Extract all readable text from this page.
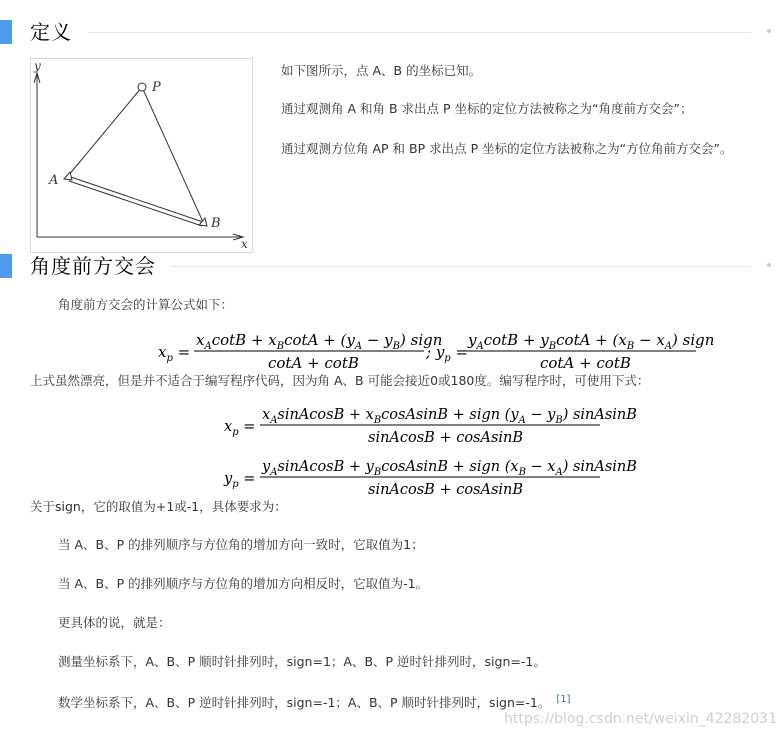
定义
y
x
P
A
B
如下图所示，点 A、B 的坐标已知。
通过观测角 A 和角 B 求出点 P 坐标的定位方法被称之为“角度前方交会”；
通过观测方位角 AP 和 BP 求出点 P 坐标的定位方法被称之为“方位角前方交会”。
角度前方交会
角度前方交会的计算公式如下：
$x_p$ =
$x_A\cot B + x_B\cot A + (y_A - y_B)$ sign
cotA + cotB
; $y_p$ =
$y_A\cot B + y_B\cot A + (x_B - x_A)$ sign
cotA + cotB
上式虽然漂亮，但是并不适合于编写程序代码，因为角 A、B 可能会接近0或180度。编写程序时，可使用下式：
$x_p$ =
$x_AsinAcosB$ + $x_BcosAsinB$ + sign $(y_A - y_B)$ sinAsinB
sinAcosB + cosAsinB
$y_p$ =
$y_AsinAcosB$ + $y_BcosAsinB$ + sign $(x_B - x_A)$ sinAsinB
sinAcosB + cosAsinB
关于sign，它的取值为+1或-1，具体要求为：
当 A、B、P 的排列顺序与方位角的增加方向一致时，它取值为1；
当 A、B、P 的排列顺序与方位角的增加方向相反时，它取值为-1。
更具体的说，就是：
测量坐标系下，A、B、P 顺时针排列时，sign=1；A、B、P 逆时针排列时，sign=-1。
数学坐标系下，A、B、P 逆时针排列时，sign=-1；A、B、P 顺时针排列时，sign=-1。 [1]
https://blog.csdn.net/weixin_42282031
